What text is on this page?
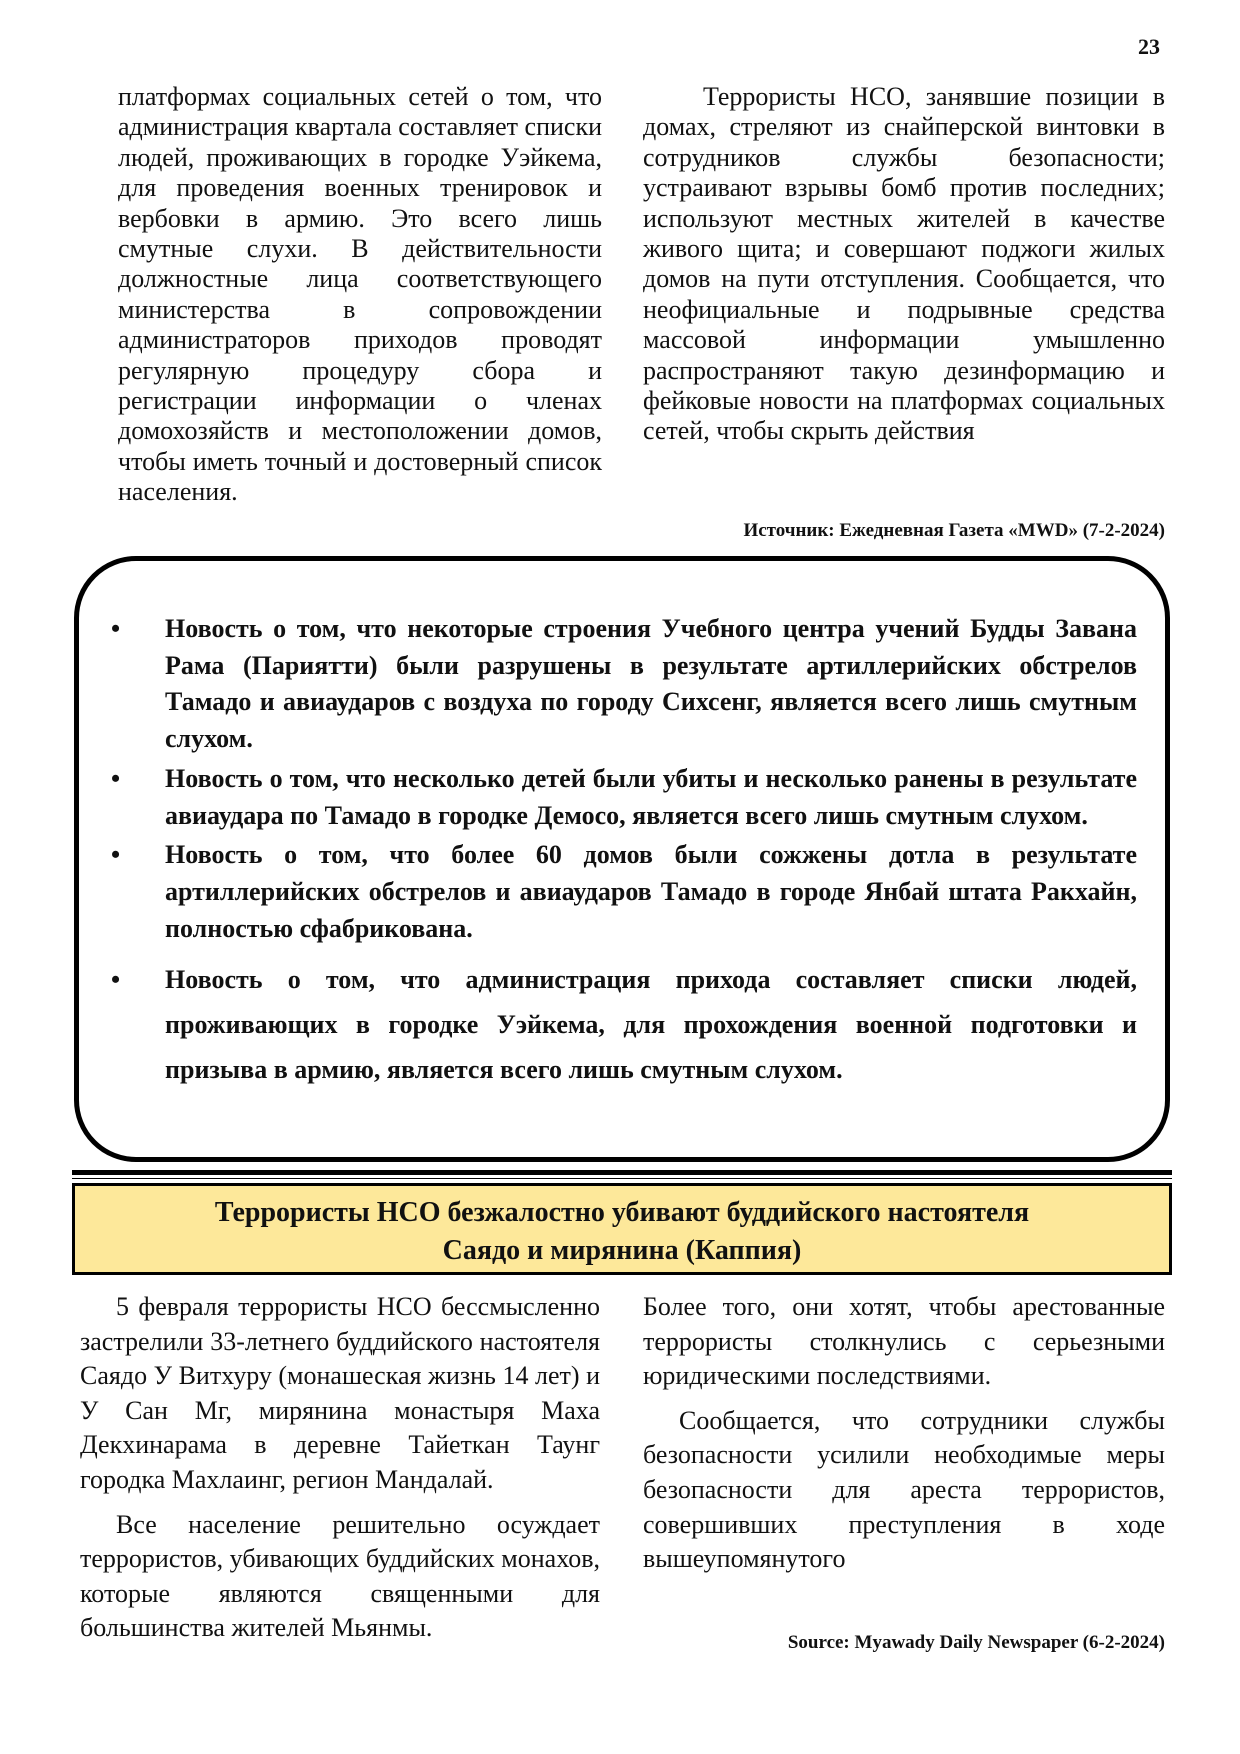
23

платформах социальных сетей о том, что администрация квартала составляет списки людей, проживающих в городке Уэйкема, для проведения военных тренировок и вербовки в армию. Это всего лишь смутные слухи. В действительности должностные лица соответствующего министерства в сопровождении администраторов приходов проводят регулярную процедуру сбора и регистрации информации о членах домохозяйств и местоположении домов, чтобы иметь точный и достоверный список населения.

Террористы НСО, занявшие позиции в домах, стреляют из снайперской винтовки в сотрудников службы безопасности; устраивают взрывы бомб против последних; используют местных жителей в качестве живого щита; и совершают поджоги жилых домов на пути отступления. Сообщается, что неофициальные и подрывные средства массовой информации умышленно распространяют такую дезинформацию и фейковые новости на платформах социальных сетей, чтобы скрыть действия

Источник: Ежедневная Газета «MWD» (7-2-2024)
• Новость о том, что некоторые строения Учебного центра учений Будды Завана Рама (Париятти) были разрушены в результате артиллерийских обстрелов Тамадо и авиаударов с воздуха по городу Сихсенг, является всего лишь смутным слухом.
• Новость о том, что несколько детей были убиты и несколько ранены в результате авиаудара по Тамадо в городке Демосо, является всего лишь смутным слухом.
• Новость о том, что более 60 домов были сожжены дотла в результате артиллерийских обстрелов и авиаударов Тамадо в городе Янбай штата Ракхайн, полностью сфабрикована.
• Новость о том, что администрация прихода составляет списки людей, проживающих в городке Уэйкема, для прохождения военной подготовки и призыва в армию, является всего лишь смутным слухом.
Террористы НСО безжалостно убивают буддийского настоятеля
Саядо и мирянина (Каппия)

5 февраля террористы НСО бессмысленно застрелили 33-летнего буддийского настоятеля Саядо У Витхуру (монашеская жизнь 14 лет) и У Сан Мг, мирянина монастыря Маха Декхинарама в деревне Тайеткан Таунг городка Махлаинг, регион Мандалай.

Все население решительно осуждает террористов, убивающих буддийских монахов, которые являются священными для большинства жителей Мьянмы.

Более того, они хотят, чтобы арестованные террористы столкнулись с серьезными юридическими последствиями.

Сообщается, что сотрудники службы безопасности усилили необходимые меры безопасности для ареста террористов, совершивших преступления в ходе вышеупомянутого

Source: Myawady Daily Newspaper (6-2-2024)
